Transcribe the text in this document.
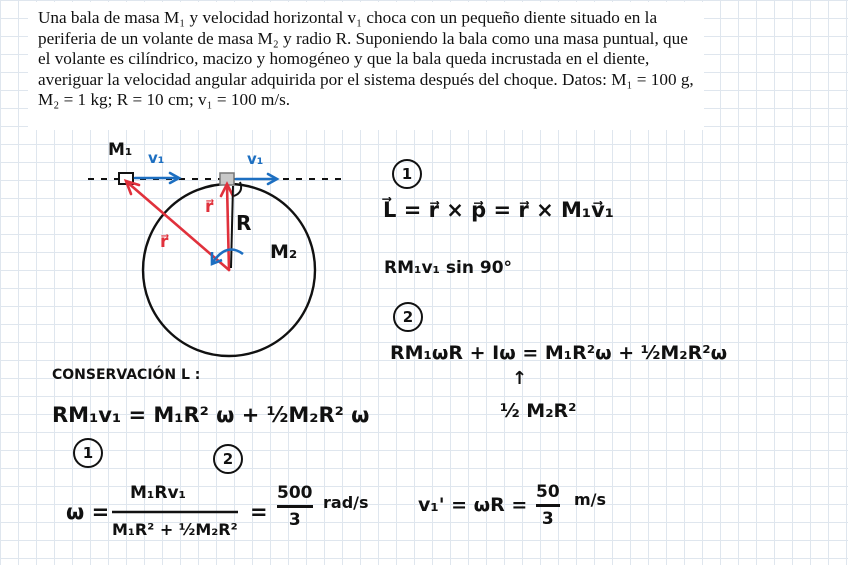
Una bala de masa M₁ y velocidad horizontal v₁ choca con un pequeño diente situado en la periferia de un volante de masa M₂ y radio R. Suponiendo la bala como una masa puntual, que el volante es cilíndrico, macizo y homogéneo y que la bala queda incrustada en el diente, averiguar la velocidad angular adquirida por el sistema después del choque. Datos: M₁ = 100 g, M₂ = 1 kg; R = 10 cm; v₁ = 100 m/s.

M₁ v₁	v₁
r⃗
r⃗
R
M₂
1
L⃗ = r⃗ × p⃗ = r⃗ × M₁v⃗₁
RM₁v₁ sin 90°
2
RM₁ωR + Iω = M₁R²ω + ½M₂R²ω
↑
½ M₂R²
CONSERVACIÓN L :
RM₁v₁ = M₁R² ω + ½M₂R² ω
1	2
ω =
M₁Rv₁
M₁R² + ½M₂R²
=
500
3
rad/s	v₁' = ωR =
50
3
m/s
